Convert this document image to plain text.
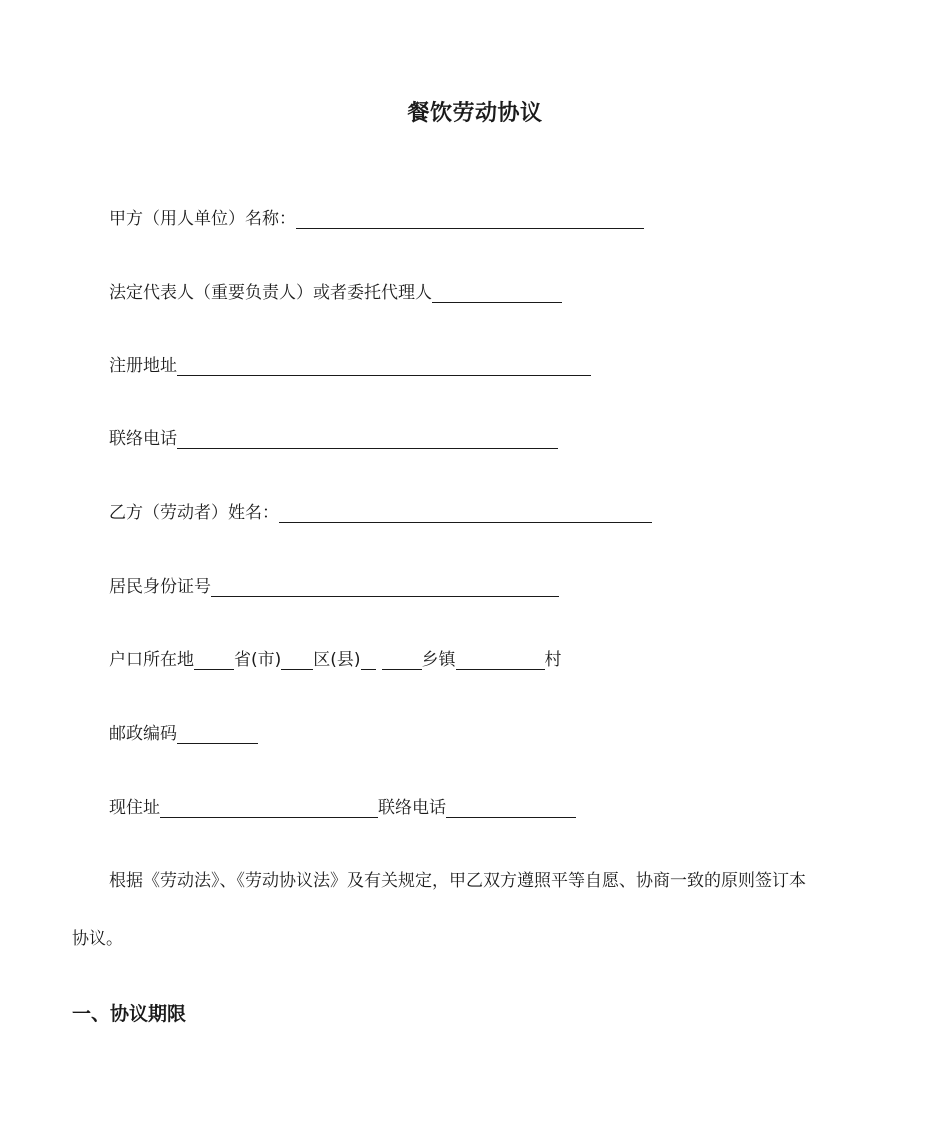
餐饮劳动协议
甲方（用人单位）名称：
法定代表人（重要负责人）或者委托代理人
注册地址
联络电话
乙方（劳动者）姓名：
居民身份证号
户口所在地 省(市) 区(县)	乡镇	村
邮政编码
现住址	联络电话
根据《劳动法》、《劳动协议法》及有关规定，甲乙双方遵照平等自愿、协商一致的原则签订本
协议。
一、协议期限
